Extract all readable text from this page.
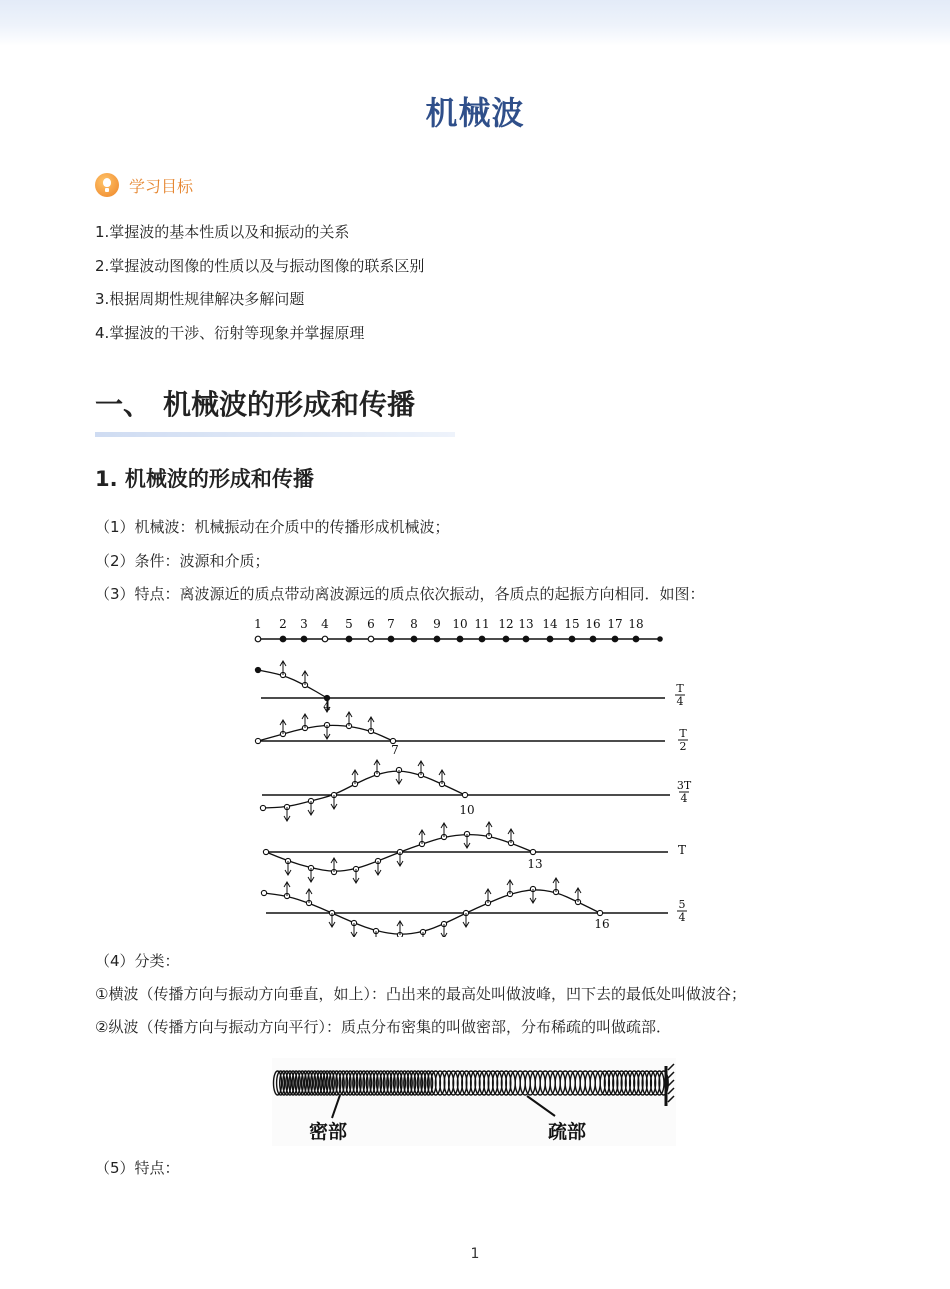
机械波
学习目标
1.掌握波的基本性质以及和振动的关系
2.掌握波动图像的性质以及与振动图像的联系区别
3.根据周期性规律解决多解问题
4.掌握波的干涉、衍射等现象并掌握原理
一、 机械波的形成和传播
1. 机械波的形成和传播
（1）机械波：机械振动在介质中的传播形成机械波；
（2）条件：波源和介质；
（3）特点：离波源近的质点带动离波源远的质点依次振动，各质点的起振方向相同．如图：
1 2 3 4 5 6 7 8 9 10 11 12 13 14 15 16 17 18
4
T
4
7
T
2
10
3T
4
13
T
16
5
4
（4）分类：
①横波（传播方向与振动方向垂直，如上）：凸出来的最高处叫做波峰，凹下去的最低处叫做波谷；
②纵波（传播方向与振动方向平行）：质点分布密集的叫做密部，分布稀疏的叫做疏部．
密部	疏部
（5）特点：
1
